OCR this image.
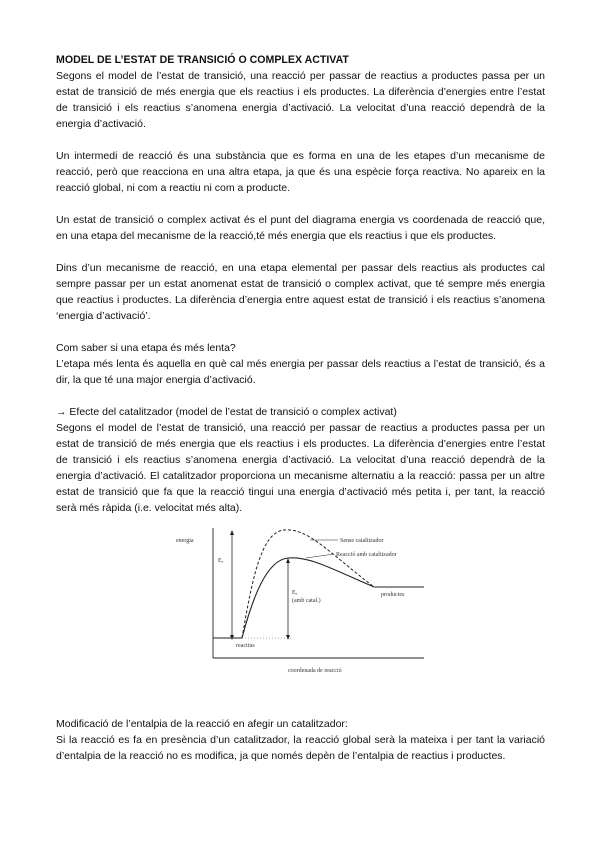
MODEL DE L’ESTAT DE TRANSICIÓ O COMPLEX ACTIVAT

Segons el model de l’estat de transició, una reacció per passar de reactius a productes passa per un estat de transició de més energia que els reactius i els productes. La diferència d’energies entre l’estat de transició i els reactius s’anomena energia d’activació. La velocitat d’una reacció dependrà de la energia d’activació.

Un intermedi de reacció és una substància que es forma en una de les etapes d’un mecanisme de reacció, però que reacciona en una altra etapa, ja que és una espècie força reactiva. No apareix en la reacció global, ni com a reactiu ni com a producte.

Un estat de transició o complex activat és el punt del diagrama energia vs coordenada de reacció que, en una etapa del mecanisme de la reacció,té més energia que els reactius i que els productes.

Dins d’un mecanisme de reacció, en una etapa elemental per passar dels reactius als productes cal sempre passar per un estat anomenat estat de transició o complex activat, que té sempre més energia que reactius i productes. La diferència d’energia entre aquest estat de transició i els reactius s’anomena ‘energia d’activació’.

Com saber si una etapa és més lenta?

L’etapa més lenta és aquella en què cal més energia per passar dels reactius a l’estat de transició, és a dir, la que té una major energia d’activació.

→ Efecte del catalitzador (model de l’estat de transició o complex activat)

Segons el model de l’estat de transició, una reacció per passar de reactius a productes passa per un estat de transició de més energia que els reactius i els productes. La diferència d’energies entre l’estat de transició i els reactius s’anomena energia d’activació. La velocitat d’una reacció dependrà de la energia d’activació. El catalitzador proporciona un mecanisme alternatiu a la reacció: passa per un altre estat de transició que fa que la reacció tingui una energia d’activació més petita i, per tant, la reacció serà més ràpida (i.e. velocitat més alta).

energia
Eₐ
Eₐ
(amb catal.)
Sense catalitzador
Reacció amb catalitzador
reactius
productes
coordenada de reacció

Modificació de l’entalpia de la reacció en afegir un catalitzador:

Si la reacció es fa en presència d’un catalitzador, la reacció global serà la mateixa i per tant la variació d’entalpia de la reacció no es modifica, ja que només depèn de l’entalpia de reactius i productes.
